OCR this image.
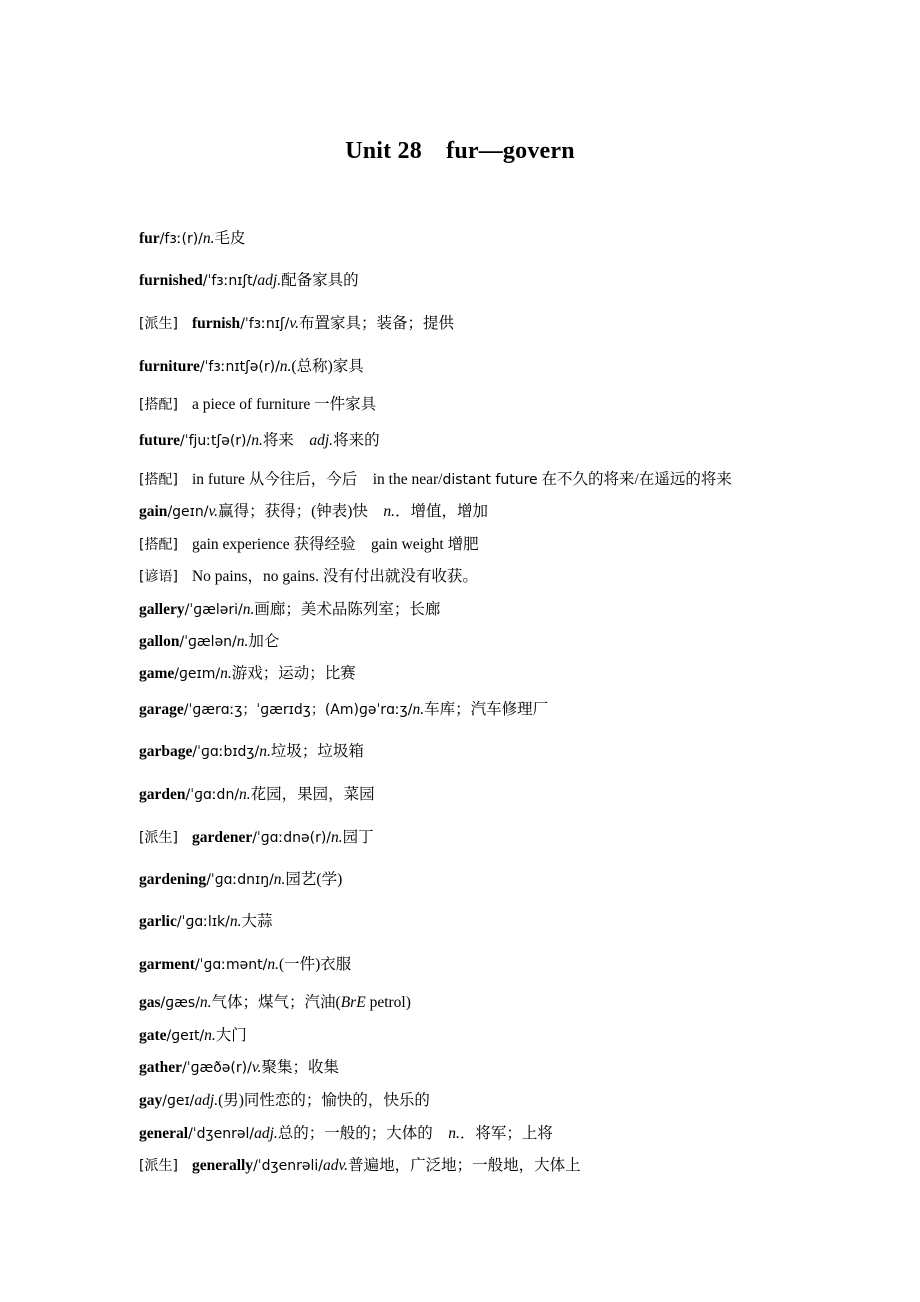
Unit 28　fur—govern
fur/fɜː(r)/n.毛皮
furnished/ˈfɜːnɪʃt/adj.配备家具的
[派生] furnish/ˈfɜːnɪʃ/v.布置家具；装备；提供
furniture/ˈfɜːnɪtʃə(r)/n.(总称)家具
[搭配] a piece of furniture 一件家具
future/ˈfjuːtʃə(r)/n.将来　adj.将来的
[搭配] in future 从今往后，今后　in the near/distant future 在不久的将来/在遥远的将来
gain/geɪn/v.赢得；获得；(钟表)快　n.．增值，增加
[搭配] gain experience 获得经验　gain weight 增肥
[谚语] No pains，no gains. 没有付出就没有收获。
gallery/ˈɡæləri/n.画廊；美术品陈列室；长廊
gallon/ˈɡælən/n.加仑
game/ɡeɪm/n.游戏；运动；比赛
garage/ˈɡærɑːʒ；ˈɡærɪdʒ；(Am)ɡəˈrɑːʒ/n.车库；汽车修理厂
garbage/ˈɡɑːbɪdʒ/n.垃圾；垃圾箱
garden/ˈɡɑːdn/n.花园，果园，菜园
[派生] gardener/ˈɡɑːdnə(r)/n.园丁
gardening/ˈɡɑːdnɪŋ/n.园艺(学)
garlic/ˈɡɑːlɪk/n.大蒜
garment/ˈɡɑːmənt/n.(一件)衣服
gas/ɡæs/n.气体；煤气；汽油(BrE petrol)
gate/ɡeɪt/n.大门
gather/ˈɡæðə(r)/v.聚集；收集
gay/ɡeɪ/adj.(男)同性恋的；愉快的，快乐的
general/ˈdʒenrəl/adj.总的；一般的；大体的　n.．将军；上将
[派生] generally/ˈdʒenrəli/adv.普遍地，广泛地；一般地，大体上
